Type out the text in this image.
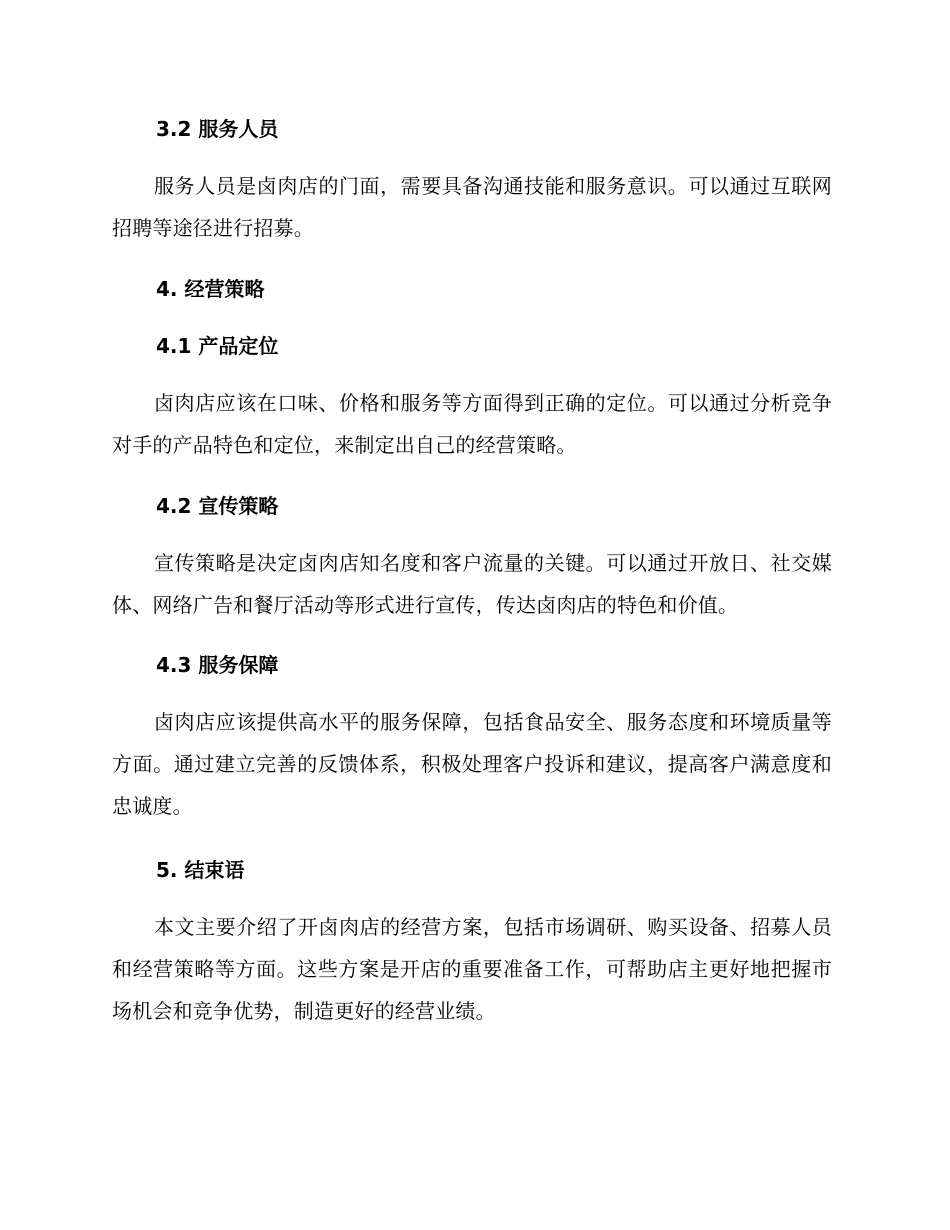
3.2 服务人员
服务人员是卤肉店的门面，需要具备沟通技能和服务意识。可以通过互联网招聘等途径进行招募。
4. 经营策略
4.1 产品定位
卤肉店应该在口味、价格和服务等方面得到正确的定位。可以通过分析竞争对手的产品特色和定位，来制定出自己的经营策略。
4.2 宣传策略
宣传策略是决定卤肉店知名度和客户流量的关键。可以通过开放日、社交媒体、网络广告和餐厅活动等形式进行宣传，传达卤肉店的特色和价值。
4.3 服务保障
卤肉店应该提供高水平的服务保障，包括食品安全、服务态度和环境质量等方面。通过建立完善的反馈体系，积极处理客户投诉和建议，提高客户满意度和忠诚度。
5. 结束语
本文主要介绍了开卤肉店的经营方案，包括市场调研、购买设备、招募人员和经营策略等方面。这些方案是开店的重要准备工作，可帮助店主更好地把握市场机会和竞争优势，制造更好的经营业绩。
